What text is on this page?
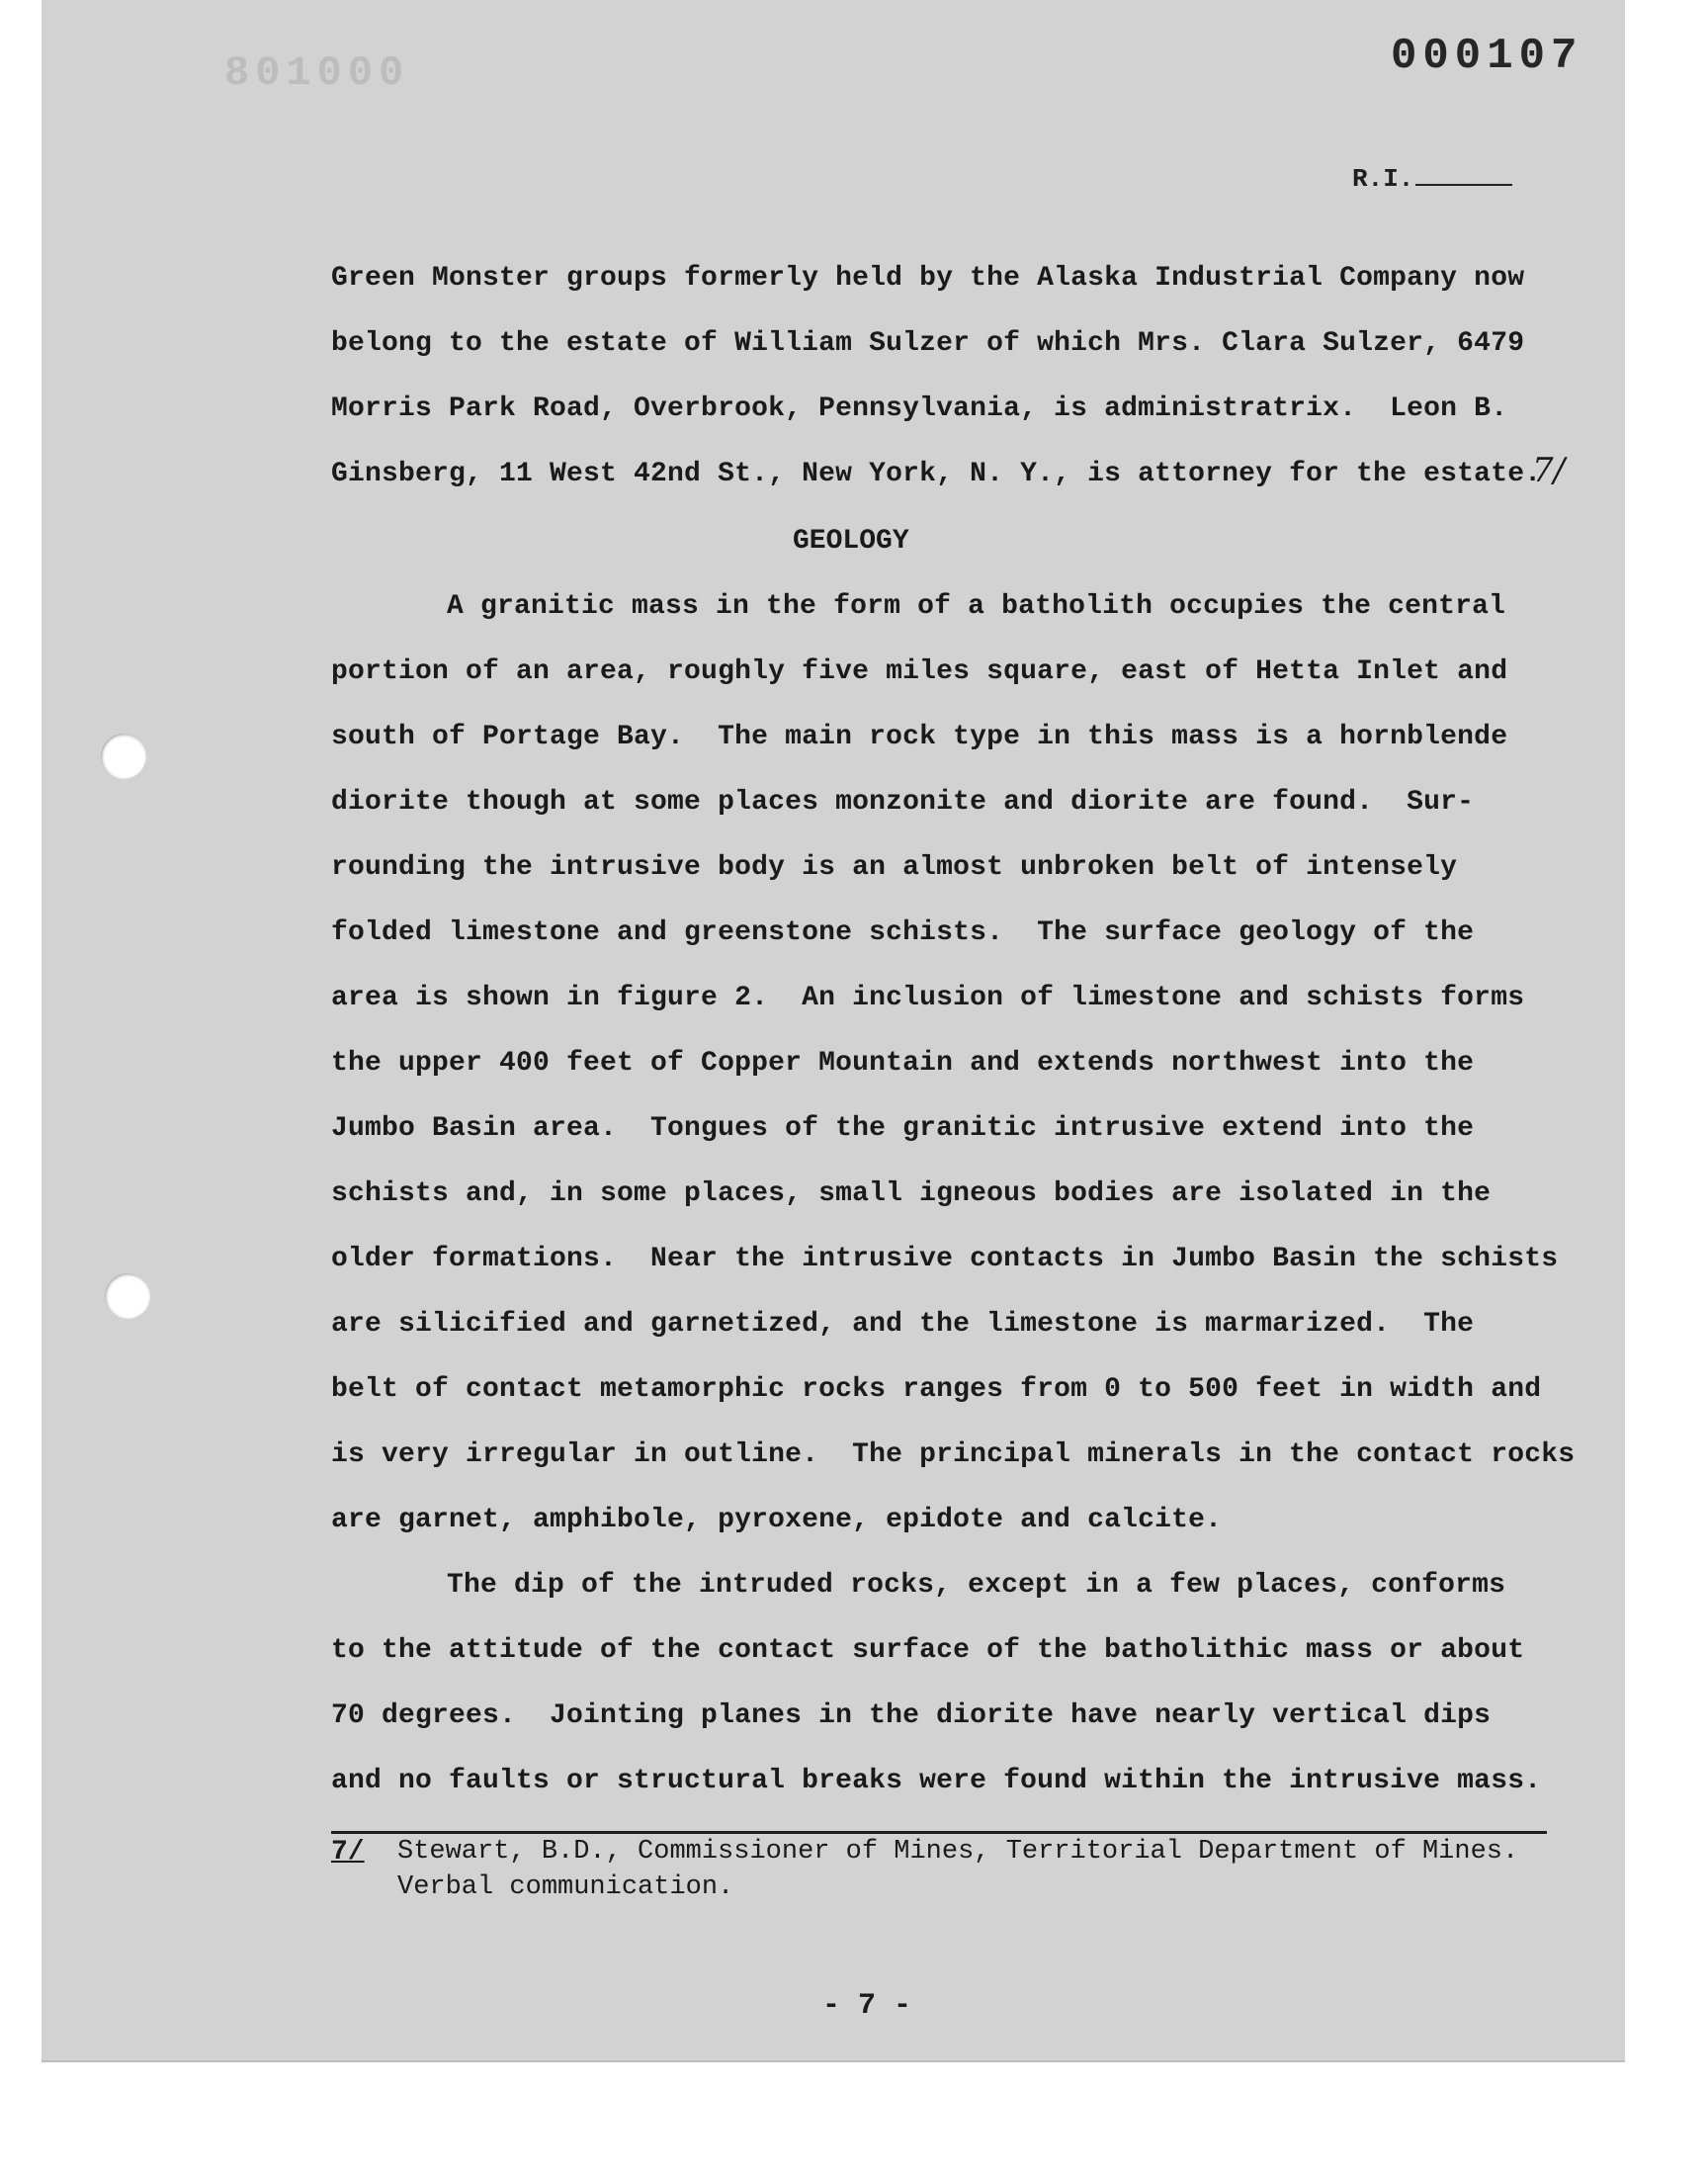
801000	000107
R.I.
Green Monster groups formerly held by the Alaska Industrial Company now
belong to the estate of William Sulzer of which Mrs. Clara Sulzer, 6479
Morris Park Road, Overbrook, Pennsylvania, is administratrix.  Leon B.
Ginsberg, 11 West 42nd St., New York, N. Y., is attorney for the estate.
7/
GEOLOGY
A granitic mass in the form of a batholith occupies the central
portion of an area, roughly five miles square, east of Hetta Inlet and
south of Portage Bay.  The main rock type in this mass is a hornblende
diorite though at some places monzonite and diorite are found.  Sur-
rounding the intrusive body is an almost unbroken belt of intensely
folded limestone and greenstone schists.  The surface geology of the
area is shown in figure 2.  An inclusion of limestone and schists forms
the upper 400 feet of Copper Mountain and extends northwest into the
Jumbo Basin area.  Tongues of the granitic intrusive extend into the
schists and, in some places, small igneous bodies are isolated in the
older formations.  Near the intrusive contacts in Jumbo Basin the schists
are silicified and garnetized, and the limestone is marmarized.  The
belt of contact metamorphic rocks ranges from 0 to 500 feet in width and
is very irregular in outline.  The principal minerals in the contact rocks
are garnet, amphibole, pyroxene, epidote and calcite.
The dip of the intruded rocks, except in a few places, conforms
to the attitude of the contact surface of the batholithic mass or about
70 degrees.  Jointing planes in the diorite have nearly vertical dips
and no faults or structural breaks were found within the intrusive mass.
7/ Stewart, B.D., Commissioner of Mines, Territorial Department of Mines.
Verbal communication.
- 7 -
